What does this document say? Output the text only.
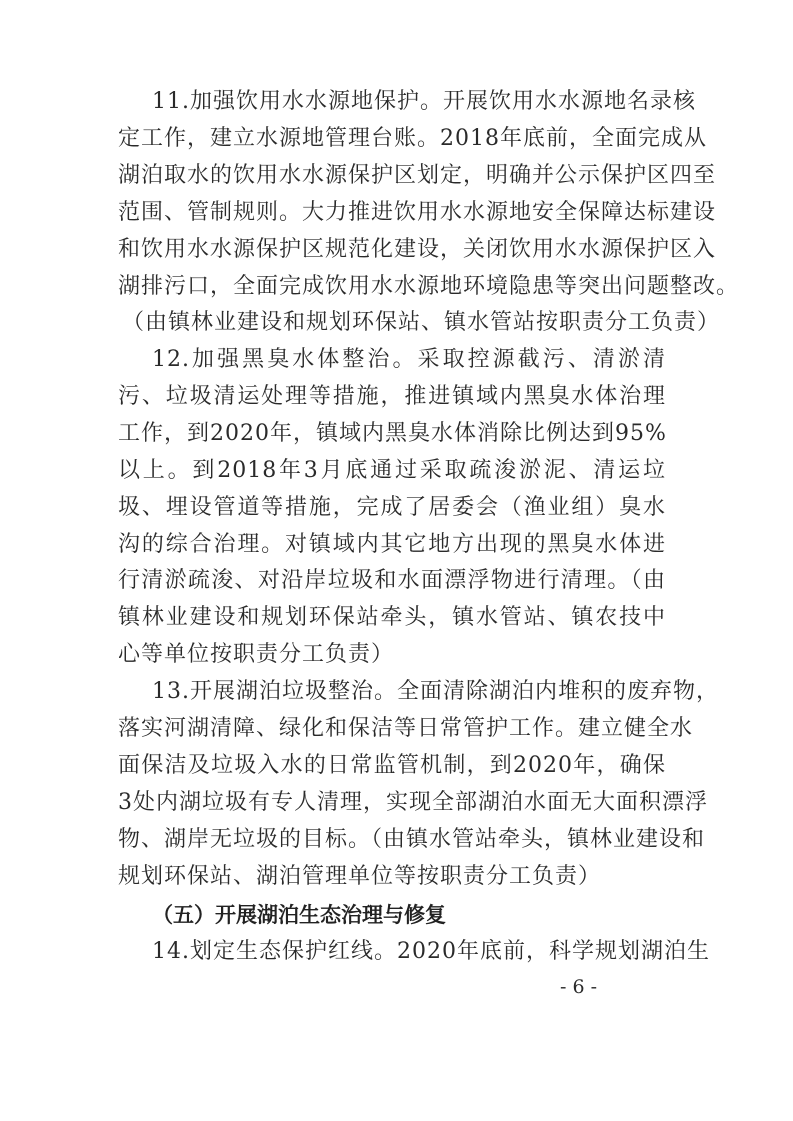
（五）开展湖泊生态治理与修复
14.划定生态保护红线。2020年底前，科学规划湖泊生
- 6 -
11.加强饮用水水源地保护。开展饮用水水源地名录核
定工作，建立水源地管理台账。2018年底前，全面完成从
湖泊取水的饮用水水源保护区划定，明确并公示保护区四至
范围、管制规则。大力推进饮用水水源地安全保障达标建设
和饮用水水源保护区规范化建设，关闭饮用水水源保护区入
湖排污口，全面完成饮用水水源地环境隐患等突出问题整改。
（由镇林业建设和规划环保站、镇水管站按职责分工负责）
12.加强黑臭水体整治。采取控源截污、清淤清
污、垃圾清运处理等措施，推进镇域内黑臭水体治理
工作，到2020年，镇域内黑臭水体消除比例达到95%
以上。到2018年3月底通过采取疏浚淤泥、清运垃
圾、埋设管道等措施，完成了居委会（渔业组）臭水
沟的综合治理。对镇域内其它地方出现的黑臭水体进
行清淤疏浚、对沿岸垃圾和水面漂浮物进行清理。（由
镇林业建设和规划环保站牵头，镇水管站、镇农技中
心等单位按职责分工负责）
13.开展湖泊垃圾整治。全面清除湖泊内堆积的废弃物，
落实河湖清障、绿化和保洁等日常管护工作。建立健全水
面保洁及垃圾入水的日常监管机制，到2020年，确保
3处内湖垃圾有专人清理，实现全部湖泊水面无大面积漂浮
物、湖岸无垃圾的目标。（由镇水管站牵头，镇林业建设和
规划环保站、湖泊管理单位等按职责分工负责）
